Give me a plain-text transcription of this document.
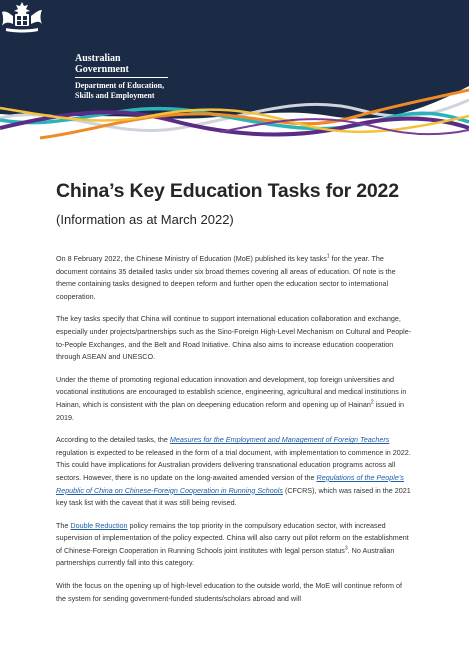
Australian Government
Department of Education,
Skills and Employment
China’s Key Education Tasks for 2022

(Information as at March 2022)

On 8 February 2022, the Chinese Ministry of Education (MoE) published its key tasks$^1$ for the year. The document contains 35 detailed tasks under six broad themes covering all areas of education. Of note is the theme containing tasks designed to deepen reform and further open the education sector to international cooperation.

The key tasks specify that China will continue to support international education collaboration and exchange, especially under projects/partnerships such as the Sino-Foreign High-Level Mechanism on Cultural and People-to-People Exchanges, and the Belt and Road Initiative. China also aims to increase education cooperation through ASEAN and UNESCO.

Under the theme of promoting regional education innovation and development, top foreign universities and vocational institutions are encouraged to establish science, engineering, agricultural and medical institutions in Hainan, which is consistent with the plan on deepening education reform and opening up of Hainan$^2$ issued in 2019.

According to the detailed tasks, the Measures for the Employment and Management of Foreign Teachers regulation is expected to be released in the form of a trial document, with implementation to commence in 2022. This could have implications for Australian providers delivering transnational education programs across all sectors. However, there is no update on the long-awaited amended version of the Regulations of the People’s Republic of China on Chinese-Foreign Cooperation in Running Schools (CFCRS), which was raised in the 2021 key task list with the caveat that it was still being revised.

The Double Reduction policy remains the top priority in the compulsory education sector, with increased supervision of implementation of the policy expected. China will also carry out pilot reform on the establishment of Chinese-Foreign Cooperation in Running Schools joint institutes with legal person status$^3$. No Australian partnerships currently fall into this category.

With the focus on the opening up of high-level education to the outside world, the MoE will continue reform of the system for sending government-funded students/scholars abroad and will
